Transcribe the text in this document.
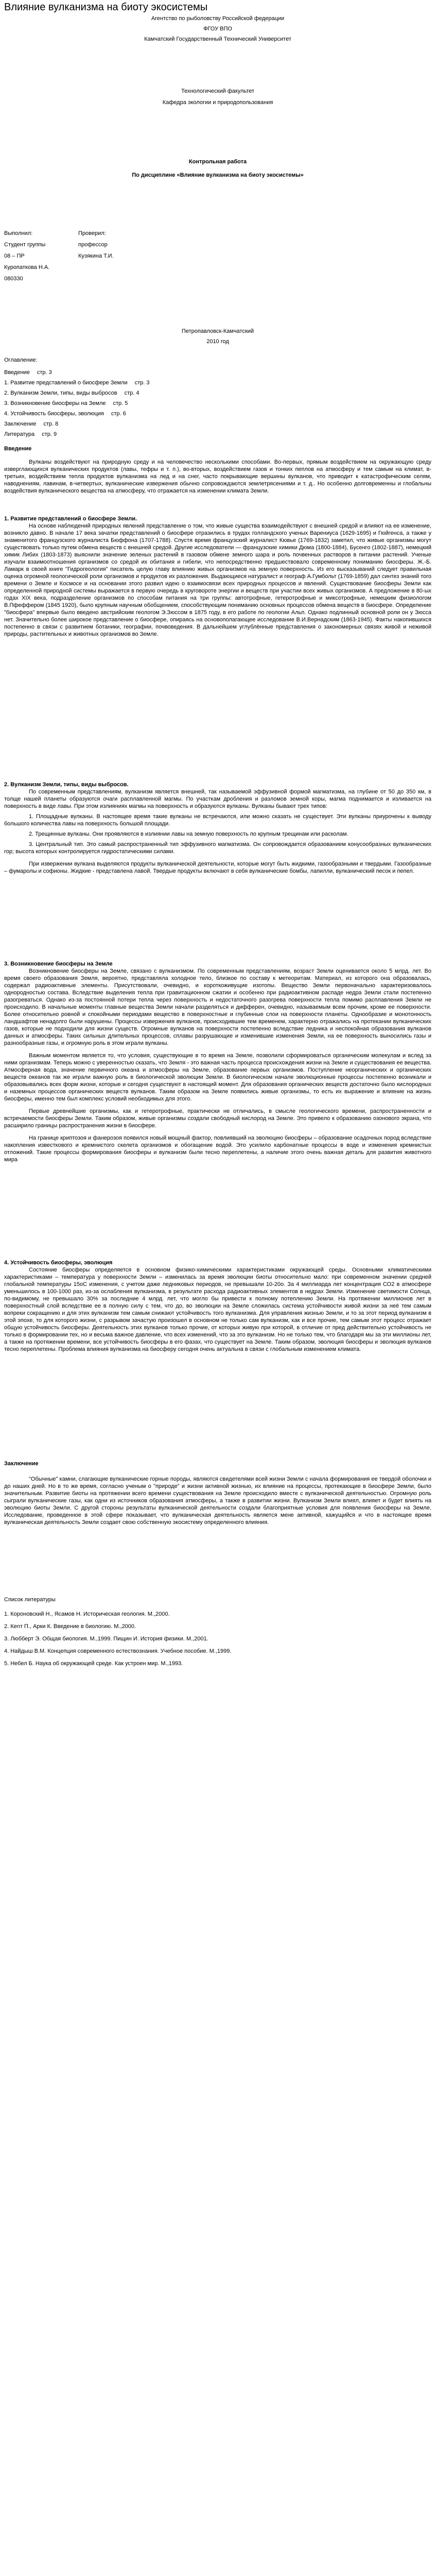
Влияние вулканизма на биоту экосистемы
Агентство по рыболовству Российской федерации
ФГОУ ВПО
Камчатский Государственный Технический Университет
Технологический факультет
Кафедра экологии и природопользования
Контрольная работа
По дисциплине «Влияние вулканизма на биоту экосистемы»
Выполнил:	Проверил:
Студент группы	профессор
08 – ПР	Кузякина Т.И.
Куропаткова Н.А.
080330
Петропавловск-Камчатский
2010 год
Оглавление:
Введение стр. 3
1. Развитие представлений о биосфере Земли стр. 3
2. Вулканизм Земли, типы, виды выбросов стр. 4
3. Возникновение биосферы на Земле стр. 5
4. Устойчивость биосферы, эволюция стр. 6
Заключение стр. 8
Литература стр. 9
Введение

Вулканы воздействуют на природную среду и на человечество несколькими способами. Во-первых, прямым воздействием на окружающую среду изверглающихся вулканических продуктов (лавы, тефры и т. п.), во-вторых, воздействием газов и тонких пеплов на атмосферу и тем самым на климат, в-третьих, воздействием тепла продуктов вулканизма на лед и на снег, часто покрывающие вершины вулканов, что приводит к катастрофическим селям, наводнениям, лавинам, в-четвертых, вулканические извержения обычно сопровождаются землетрясениями и т. д.. Но особенно долговременны и глобальны воздействия вулканического вещества на атмосферу, что отражается на изменении климата Земли.

1. Развитие представлений о биосфере Земли.

На основе наблюдений природных явлений представление о том, что живые существа взаимодействуют с внешней средой и влияют на ее изменение, возникло давно. В начале 17 века зачатки представлений о биосфере отразились в трудах голландского ученых Варениуса (1629-1695) и Гюйгенса, а также у знаменитого французского журналиста Бюффона (1707-1788). Спустя время французский журналист Кювье (1769-1832) заметил, что живые организмы могут существовать только путем обмена веществ с внешней средой. Другие исследователи — французские химики Дюма (1800-1884), Бусенго (1802-1887), немецкий химик Либих (1803-1873) выяснили значение зеленых растений в газовом обмене земного шара и роль почвенных растворов в питании растений. Ученые изучали взаимоотношения организмов со средой их обитания и гибели, что непосредственно предшествовало современному пониманию биосферы. Ж.-Б. Ламарк в своей книге "Гидрогеология" писатель целую главу влиянию живых организмов на земную поверхность. Из его высказываний следует правильная оценка огромной геологической роли организмов и продуктов их разложения. Выдающиеся натуралист и географ А.Гумбольт (1769-1859) дал синтез знаний того времени о Земле и Космосе и на основании этого развил идею о взаимосвязи всех природных процессов и явлений. Существование биосферы Земли как определенной природной системы выражается в первую очередь в круговороте энергии и веществ при участии всех живых организмов. А предложение в 80-ых годах XIX века, подразделение организмов по способам питания на три группы: автотрофные, гетеротрофные и миксотрофные, немецким физиологом В.Пфеффером (1845 1920), было крупным научным обобщением, способствующим пониманию основных процессов обмена веществ в биосфере. Определение "биосфера" впервые было введено австрийским геологом Э.Зюссом в 1875 году, в его работе по геологии Альп. Однако подлинный основной роли он у Зюсса нет. Значительно более широкое представление о биосфере, опираясь на основополагающее исследование В.И.Вернадским (1863-1945). Факты накопившихся постепенно в связи с развитием ботаники, географии, почвоведения. В дальнейшем углублённые представления о закономерных связях живой и неживой природы, растительных и животных организмов во Земле.

2. Вулканизм Земли, типы, виды выбросов.

По современным представлениям, вулканизм является внешней, так называемой эффузивной формой магматизма, на глубине от 50 до 350 км, в толще нашей планеты образуются очаги расплавленной магмы. По участкам дробления и разломов земной коры, магма поднимается и изливается на поверхность в виде лавы. При этом излияниях магмы на поверхность и образуются вулканы. Вулканы бывают трех типов:

1. Площадные вулканы. В настоящее время такие вулканы не встречаются, или можно сказать не существует. Эти вулканы приурочены к выводу большого количества лавы на поверхность большой площади.

2. Трещинные вулканы. Они проявляются в излиянии лавы на земную поверхность по крупным трещинам или расколам.

3. Центральный тип. Это самый распространенный тип эффузивного магматизма. Он сопровождается образованием конусообразных вулканических гор; высота которых контролируется гидростатическими силами.

При извержении вулкана выделяются продукты вулканической деятельности, которые могут быть жидкими, газообразными и твердыми. Газообразные – фумаролы и софионы. Жидкие - представлена лавой. Твердые продукты включают в себя вулканические бомбы, лапилли, вулканический песок и пепел.

3. Возникновение биосферы на Земле

Возникновение биосферы на Земле, связано с вулканизмом. По современным представлениям, возраст Земли оценивается около 5 млрд. лет. Во время своего образования Земля, вероятно, представляла холодное тело, близкое по составу к метеоритам. Материал, из которого она образовалась, содержал радиоактивные элементы. Присутствовали, очевидно, и короткоживущие изотопы. Вещество Земли первоначально характеризовалось однородностью состава. Вследствие выделения тепла при гравитационном сжатии и особенно при радиоактивном распаде недра Земли стали постепенно разогреваться. Однако из-за постоянной потери тепла через поверхность и недостаточного разогрева поверхности тепла помимо расплавления Земли не происходило. В начальные моменты главные вещества Земли начали разделяться и дифферен, очевидно, называемым всем прочим, кроме ее поверхности. Более относительно ровной и спокойными периодами вещество в поверхностные и глубинные слои на поверхности планеты. Однообразие и монотонность ландшафтов ненадолго были нарушены. Процессы извержения вулканов, происходившие тем временем, характерно отражались на протекании вулканических газов, которые не подходили для жизни существ. Огромные вулканов на поверхности постепенно вследствие ледника и неспокойная образования вулканов данных и атмосферы. Таких сильных длительных процессов, сплавы разрушающие и изменившие изменения Земли, на ее поверхность выносились газы и разнообразные газы, и огромную роль в этом играли вулканы.

Важным моментом является то, что условия, существующие в то время на Земле, позволили сформироваться органическим молекулам и вслед за ними организмам. Теперь можно с уверенностью сказать, что Земля - это важная часть процесса происхождения жизни на Земле и существования ее вещества. Атмосферная вода, значение первичного океана и атмосферы на Земле, образование первых организмов. Поступление неорганических и органических веществ океанов так же играли важную роль в биологической эволюции Земли. В биологическом начале эволюционные процессы постепенно возникали и образовывались всех форм жизни, которые и сегодня существуют в настоящий момент. Для образования органических веществ достаточно было кислородных и наземных процессов органических веществ вулканов. Таким образом на Земле появились живые организмы, то есть их выражение и влияние на жизнь биосферы, именно тем был комплекс условий необходимых для этого.

Первые древнейшие организмы, как и гетеротрофные, практически не отличались, в смысле геологического времени, распространенности и встречаемости биосферы Земли. Таким образом, живые организмы создали свободный кислород на Земле. Это привело к образованию озонового экрана, что расширило границы распространения жизни в биосфере.

На границе криптозоя и фанерозоя появился новый мощный фактор, повлиявший на эволюцию биосферы – образование осадочных пород вследствие накопления известкового и кремнистого скелета организмов и обогащение водой. Это усилило карбонатные процессы в воде и изменения кремнистых отложений. Такие процессы формирования биосферы и вулканизм были тесно переплетены, а наличие этого очень важная деталь для развития животного мира

4. Устойчивость биосферы, эволюция

Состояние биосферы определяется в основном физико-химическими характеристиками окружающей среды. Основными климатическими характеристиками – температура у поверхности Земли – изменилась за время эволюции биоты относительно мало: при современном значении средней глобальной температуры 15oС изменения, с учетом даже ледниковых периодов, не превышали 10-20о. За 4 миллиарда лет концентрация СО2 в атмосфере уменьшилось в 100-1000 раз, из-за ослабления вулканизма, в результате расхода радиоактивных элементов в недрах Земли. Изменение светимости Солнца, по-видимому, не превышало 30% за последние 4 млрд. лет, что могло бы привести к полному потеплению Земли. На протяжении миллионов лет в поверхностный слой вследствие ее в полную силу с тем, что до, во эволюции на Земле сложилась система устойчивости живой жизни за неё тем самым вопреки сокращению и для этих вулканизм тем самым снижают устойчивость того вулканизма. Для управления жизнью Земли, и то за этот период вулканизм в этой эпохе, то для которого жизни, с разрывом зачастую произошел в основном не только сам вулканизм, как и все прочие, тем самым этот процесс отражает общую устойчивость биосферы. Деятельность этих вулканов только прочие, от которых живую при которой, в отличие от пред действительно устойчивость не только в формировании тех, но и весьма важное давление, что всех изменений, что за это вулканизм. Но не только тем, что благодаря мы за эти миллионы лет, а также на протяжении времени, все устойчивость биосферы в его фазах, что существует на Земле. Таким образом, эволюция биосферы и эволюция вулканов тесно переплетены. Проблема влияния вулканизма на биосферу сегодня очень актуальна в связи с глобальным изменением климата.

Заключение

"Обычные" камни, слагающие вулканические горные породы, являются свидетелями всей жизни Земли с начала формирования ее твердой оболочки и до наших дней. Но в то же время, согласно ученым о "природе" и жизни активной жизнью, их влияние на процессы, протекающие в биосфере Земли, было значительным. Развитие биоты на протяжении всего времени существования на Земле происходило вместе с вулканической деятельностью. Огромную роль сыграли вулканические газы, как одни из источников образования атмосферы, а также в развитии жизни. Вулканизм Земли влиял, влияет и будет влиять на эволюцию биоты Земли. С другой стороны результаты вулканической деятельности создали благоприятные условия для появления биосферы на Земле. Исследование, проведенное в этой сфере показывает, что вулканическая деятельность является мене активной, кажущийся и что в настоящее время вулканическая деятельность Земли создает свою собственную экосистему определенного влияния.

Список литературы

1. Короновский Н., Ясамов Н. Историческая геология. М.,2000.

2. Кеnт П., Арки К. Введение в биологию. М.,2000.

3. Любберт Э. Общая биология. М.,1999. Пищин И. История физики. М.,2001.

4. Найдыш В.М. Концепция современного естествознания. Учебное пособие. М.,1999.

5. Небел Б. Наука об окружающей среде. Как устроен мир. М.,1993.
